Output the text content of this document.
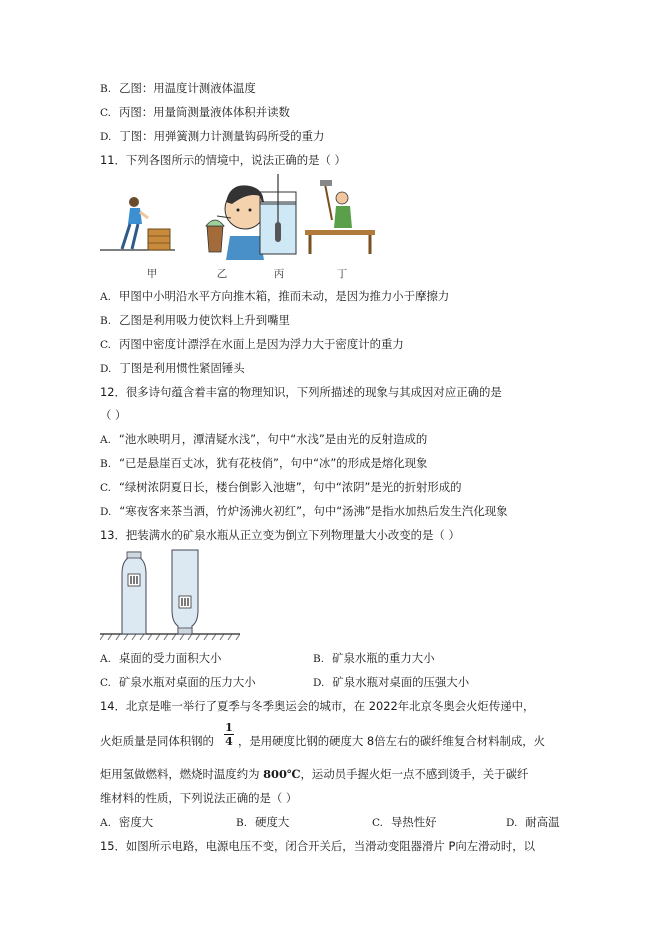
B. 乙图：用温度计测液体温度
C. 丙图：用量筒测量液体体积并读数
D. 丁图：用弹簧测力计测量钩码所受的重力
11．下列各图所示的情境中，说法正确的是（ ）
甲	乙	丙	丁
A. 甲图中小明沿水平方向推木箱，推而未动，是因为推力小于摩擦力
B. 乙图是利用吸力使饮料上升到嘴里
C. 丙图中密度计漂浮在水面上是因为浮力大于密度计的重力
D. 丁图是利用惯性紧固锤头
12．很多诗句蕴含着丰富的物理知识，下列所描述的现象与其成因对应正确的是
（ ）
A. “池水映明月，潭清疑水浅”，句中“水浅”是由光的反射造成的
B. “已是悬崖百丈冰，犹有花枝俏”，句中“冰”的形成是熔化现象
C. “绿树浓阴夏日长，楼台倒影入池塘”，句中“浓阴”是光的折射形成的
D. “寒夜客来茶当酒，竹炉汤沸火初红”，句中“汤沸”是指水加热后发生汽化现象
13．把装满水的矿泉水瓶从正立变为倒立下列物理量大小改变的是（ ）
A. 桌面的受力面积大小	B. 矿泉水瓶的重力大小
C. 矿泉水瓶对桌面的压力大小	D. 矿泉水瓶对桌面的压强大小
14．北京是唯一举行了夏季与冬季奥运会的城市，在 2022年北京冬奥会火炬传递中，
火炬质量是同体积钢的
1
4 ，是用硬度比钢的硬度大 8倍左右的碳纤维复合材料制成，火
炬用氢做燃料，燃烧时温度约为 800℃，运动员手握火炬一点不感到烫手，关于碳纤
维材料的性质，下列说法正确的是（ ）
A. 密度大	B. 硬度大	C. 导热性好	D. 耐高温
15．如图所示电路，电源电压不变，闭合开关后，当滑动变阻器滑片 P向左滑动时，以
